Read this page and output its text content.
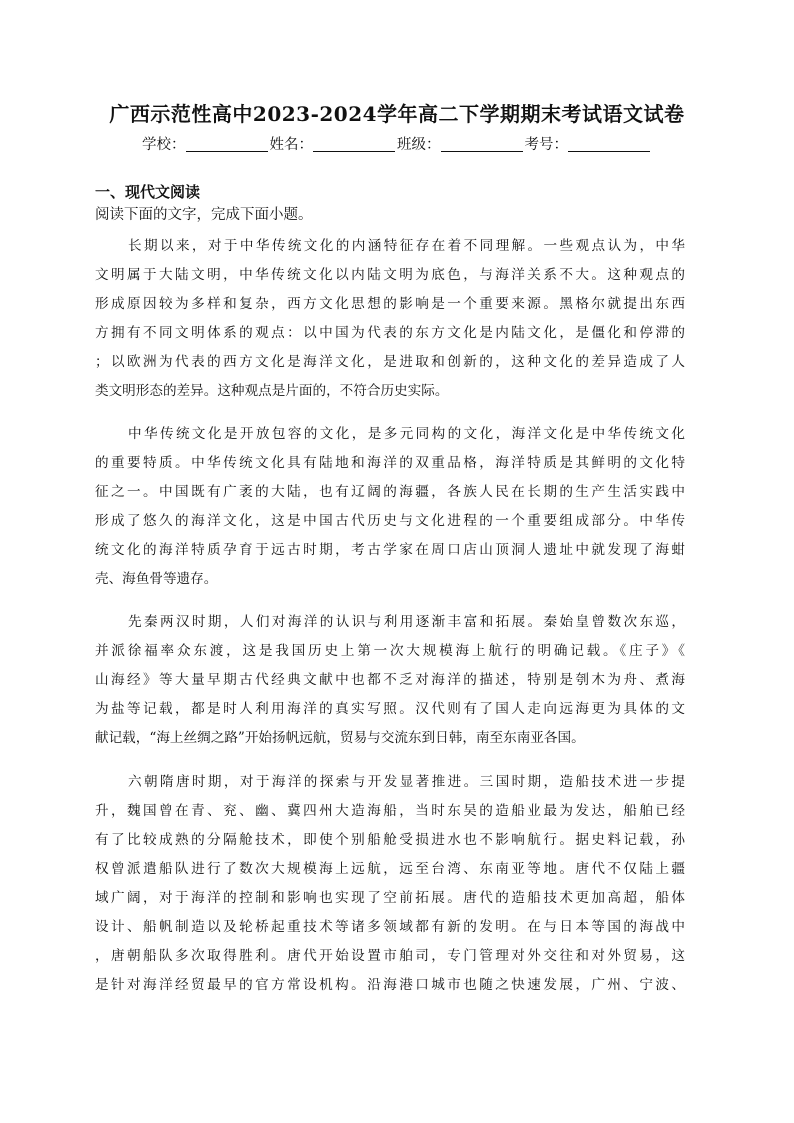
广西示范性高中2023-2024学年高二下学期期末考试语文试卷
学校：	姓名：	班级：	考号：
一、现代文阅读
阅读下面的文字，完成下面小题。
长期以来，对于中华传统文化的内涵特征存在着不同理解。一些观点认为，中华
文明属于大陆文明，中华传统文化以内陆文明为底色，与海洋关系不大。这种观点的
形成原因较为多样和复杂，西方文化思想的影响是一个重要来源。黑格尔就提出东西
方拥有不同文明体系的观点：以中国为代表的东方文化是内陆文化，是僵化和停滞的
；以欧洲为代表的西方文化是海洋文化，是进取和创新的，这种文化的差异造成了人
类文明形态的差异。这种观点是片面的，不符合历史实际。
中华传统文化是开放包容的文化，是多元同构的文化，海洋文化是中华传统文化
的重要特质。中华传统文化具有陆地和海洋的双重品格，海洋特质是其鲜明的文化特
征之一。中国既有广袤的大陆，也有辽阔的海疆，各族人民在长期的生产生活实践中
形成了悠久的海洋文化，这是中国古代历史与文化进程的一个重要组成部分。中华传
统文化的海洋特质孕育于远古时期，考古学家在周口店山顶洞人遗址中就发现了海蚶
壳、海鱼骨等遗存。
先秦两汉时期，人们对海洋的认识与利用逐渐丰富和拓展。秦始皇曾数次东巡，
并派徐福率众东渡，这是我国历史上第一次大规模海上航行的明确记载。《庄子》《
山海经》等大量早期古代经典文献中也都不乏对海洋的描述，特别是刳木为舟、煮海
为盐等记载，都是时人利用海洋的真实写照。汉代则有了国人走向远海更为具体的文
献记载，“海上丝绸之路”开始扬帆远航，贸易与交流东到日韩，南至东南亚各国。
六朝隋唐时期，对于海洋的探索与开发显著推进。三国时期，造船技术进一步提
升，魏国曾在青、兖、幽、冀四州大造海船，当时东吴的造船业最为发达，船舶已经
有了比较成熟的分隔舱技术，即使个别船舱受损进水也不影响航行。据史料记载，孙
权曾派遣船队进行了数次大规模海上远航，远至台湾、东南亚等地。唐代不仅陆上疆
域广阔，对于海洋的控制和影响也实现了空前拓展。唐代的造船技术更加高超，船体
设计、船帆制造以及轮桥起重技术等诸多领域都有新的发明。在与日本等国的海战中
，唐朝船队多次取得胜利。唐代开始设置市舶司，专门管理对外交往和对外贸易，这
是针对海洋经贸最早的官方常设机构。沿海港口城市也随之快速发展，广州、宁波、
